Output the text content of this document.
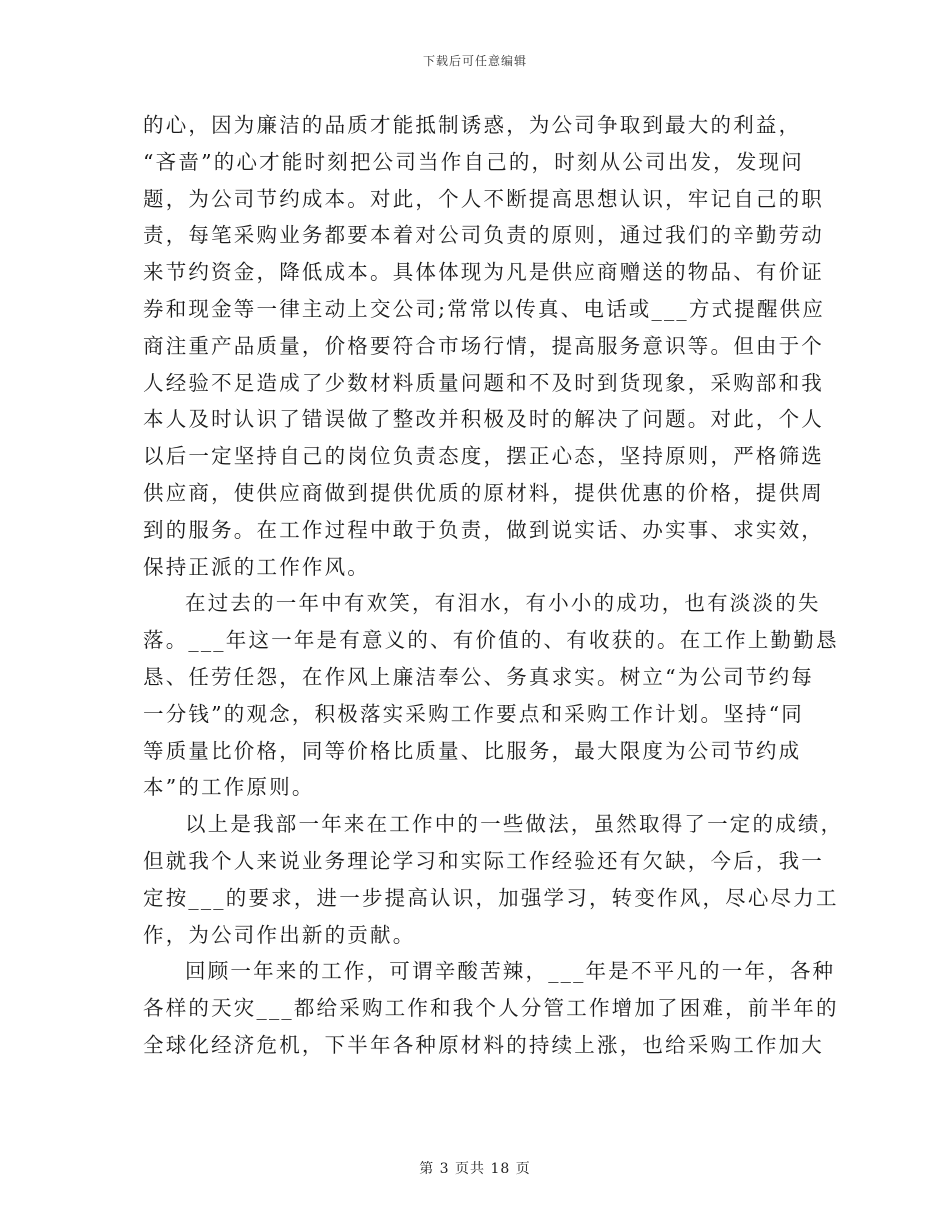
下载后可任意编辑
的心，因为廉洁的品质才能抵制诱惑，为公司争取到最大的利益，
“吝啬”的心才能时刻把公司当作自己的，时刻从公司出发，发现问
题，为公司节约成本。对此，个人不断提高思想认识，牢记自己的职
责，每笔采购业务都要本着对公司负责的原则，通过我们的辛勤劳动
来节约资金，降低成本。具体体现为凡是供应商赠送的物品、有价证
券和现金等一律主动上交公司;常常以传真、电话或___方式提醒供应
商注重产品质量，价格要符合市场行情，提高服务意识等。但由于个
人经验不足造成了少数材料质量问题和不及时到货现象，采购部和我
本人及时认识了错误做了整改并积极及时的解决了问题。对此，个人
以后一定坚持自己的岗位负责态度，摆正心态，坚持原则，严格筛选
供应商，使供应商做到提供优质的原材料，提供优惠的价格，提供周
到的服务。在工作过程中敢于负责，做到说实话、办实事、求实效，
保持正派的工作作风。
在过去的一年中有欢笑，有泪水，有小小的成功，也有淡淡的失
落。___年这一年是有意义的、有价值的、有收获的。在工作上勤勤恳
恳、任劳任怨，在作风上廉洁奉公、务真求实。树立“为公司节约每
一分钱”的观念，积极落实采购工作要点和采购工作计划。坚持“同
等质量比价格，同等价格比质量、比服务，最大限度为公司节约成
本”的工作原则。
以上是我部一年来在工作中的一些做法，虽然取得了一定的成绩，
但就我个人来说业务理论学习和实际工作经验还有欠缺，今后，我一
定按___的要求，进一步提高认识，加强学习，转变作风，尽心尽力工
作，为公司作出新的贡献。
回顾一年来的工作，可谓辛酸苦辣，___年是不平凡的一年，各种
各样的天灾___都给采购工作和我个人分管工作增加了困难，前半年的
全球化经济危机，下半年各种原材料的持续上涨，也给采购工作加大
第 3 页共 18 页
